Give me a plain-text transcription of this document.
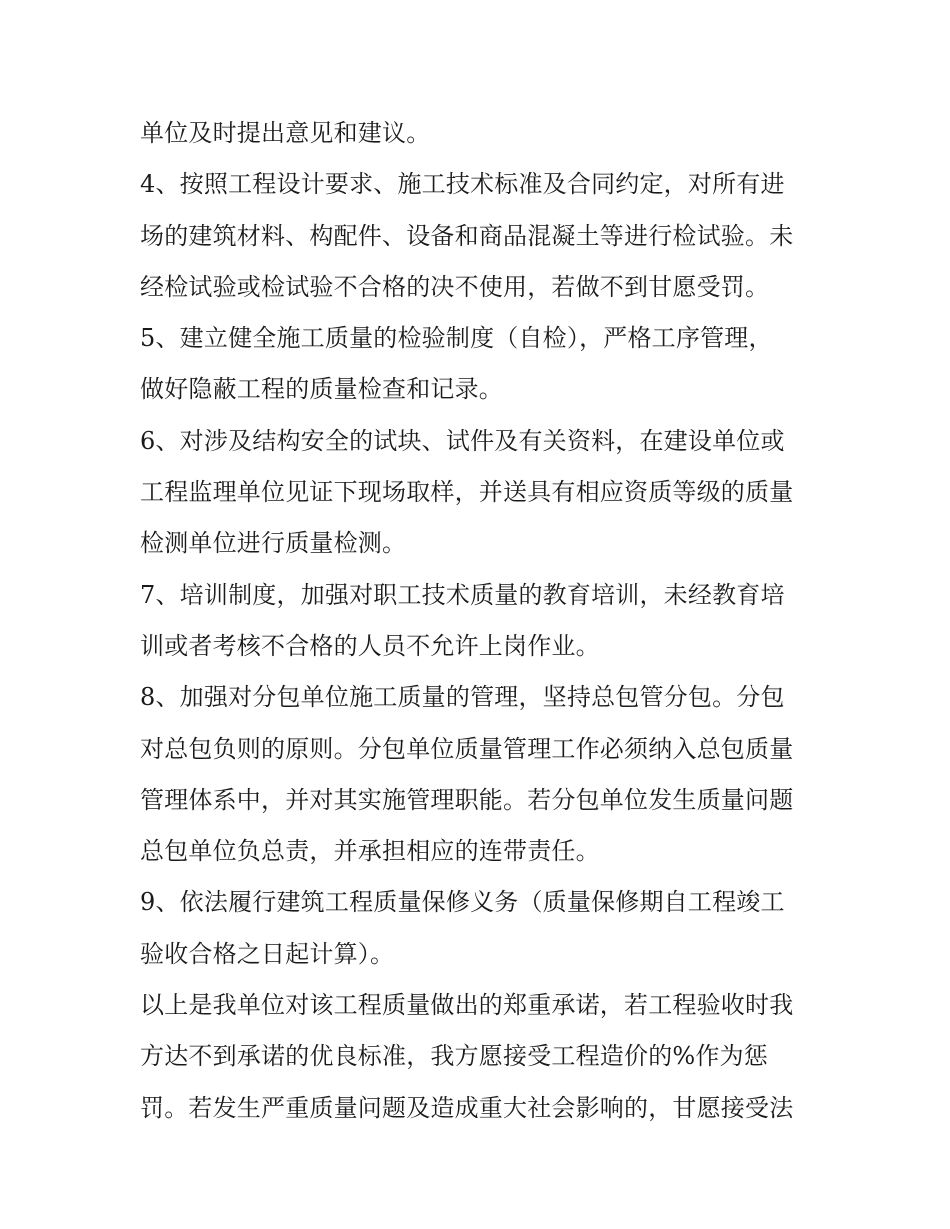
单位及时提出意见和建议。
4、按照工程设计要求、施工技术标准及合同约定，对所有进
场的建筑材料、构配件、设备和商品混凝土等进行检试验。未
经检试验或检试验不合格的决不使用，若做不到甘愿受罚。
5、建立健全施工质量的检验制度（自检），严格工序管理，
做好隐蔽工程的质量检查和记录。
6、对涉及结构安全的试块、试件及有关资料，在建设单位或
工程监理单位见证下现场取样，并送具有相应资质等级的质量
检测单位进行质量检测。
7、培训制度，加强对职工技术质量的教育培训，未经教育培
训或者考核不合格的人员不允许上岗作业。
8、加强对分包单位施工质量的管理，坚持总包管分包。分包
对总包负则的原则。分包单位质量管理工作必须纳入总包质量
管理体系中，并对其实施管理职能。若分包单位发生质量问题
总包单位负总责，并承担相应的连带责任。
9、依法履行建筑工程质量保修义务（质量保修期自工程竣工
验收合格之日起计算）。
以上是我单位对该工程质量做出的郑重承诺，若工程验收时我
方达不到承诺的优良标准，我方愿接受工程造价的%作为惩
罚。若发生严重质量问题及造成重大社会影响的，甘愿接受法
